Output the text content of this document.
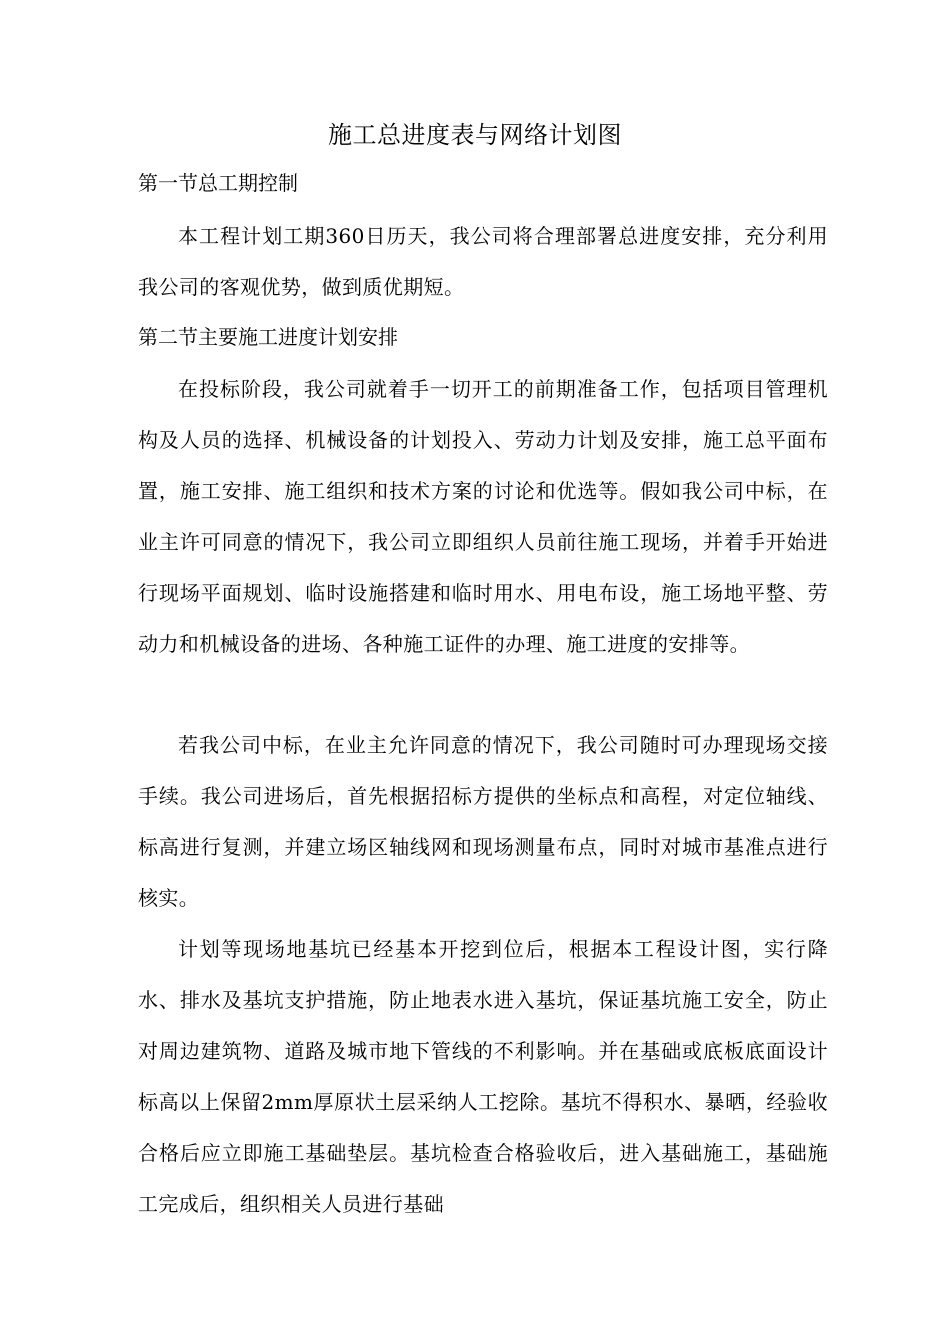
施工总进度表与网络计划图
第一节总工期控制
本工程计划工期360日历天，我公司将合理部署总进度安排，充分利用我公司的客观优势，做到质优期短。
第二节主要施工进度计划安排
在投标阶段，我公司就着手一切开工的前期准备工作，包括项目管理机构及人员的选择、机械设备的计划投入、劳动力计划及安排，施工总平面布置，施工安排、施工组织和技术方案的讨论和优选等。假如我公司中标，在业主许可同意的情况下，我公司立即组织人员前往施工现场，并着手开始进行现场平面规划、临时设施搭建和临时用水、用电布设，施工场地平整、劳动力和机械设备的进场、各种施工证件的办理、施工进度的安排等。
若我公司中标，在业主允许同意的情况下，我公司随时可办理现场交接手续。我公司进场后，首先根据招标方提供的坐标点和高程，对定位轴线、标高进行复测，并建立场区轴线网和现场测量布点，同时对城市基准点进行核实。
计划等现场地基坑已经基本开挖到位后，根据本工程设计图，实行降水、排水及基坑支护措施，防止地表水进入基坑，保证基坑施工安全，防止对周边建筑物、道路及城市地下管线的不利影响。并在基础或底板底面设计标高以上保留2mm厚原状土层采纳人工挖除。基坑不得积水、暴晒，经验收合格后应立即施工基础垫层。基坑检查合格验收后，进入基础施工，基础施工完成后，组织相关人员进行基础
